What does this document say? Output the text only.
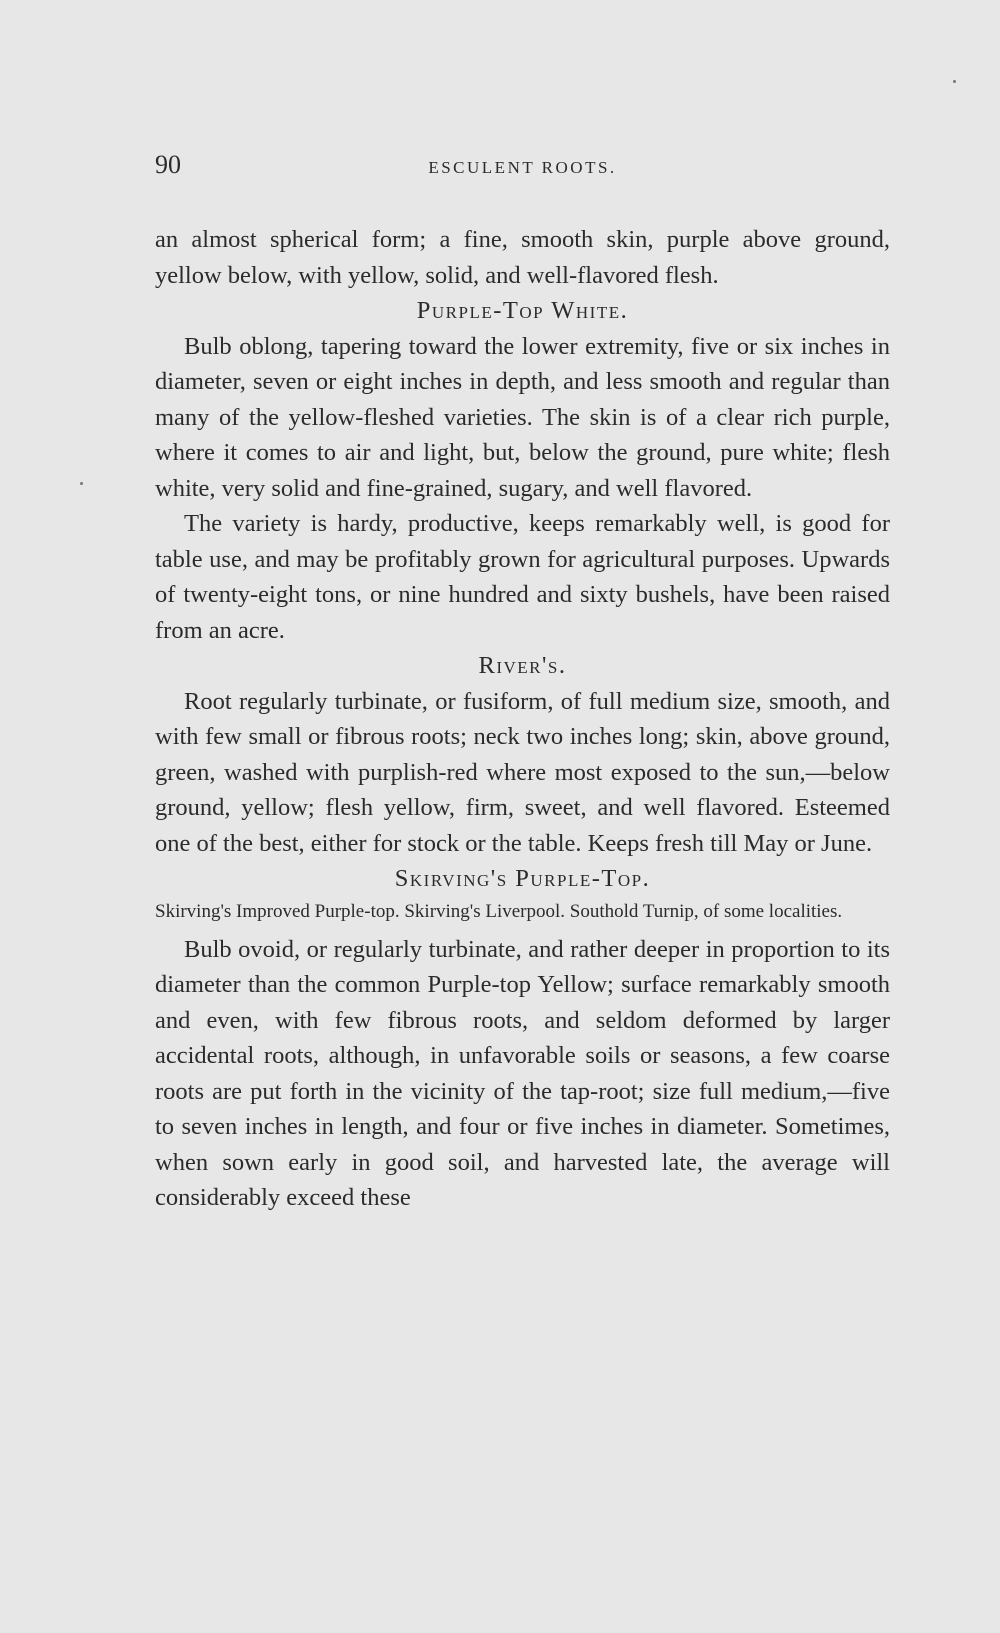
90	ESCULENT ROOTS.

an almost spherical form; a fine, smooth skin, purple above ground, yellow below, with yellow, solid, and well-flavored flesh.

Purple-Top White.

Bulb oblong, tapering toward the lower extremity, five or six inches in diameter, seven or eight inches in depth, and less smooth and regular than many of the yellow-fleshed varieties. The skin is of a clear rich purple, where it comes to air and light, but, below the ground, pure white; flesh white, very solid and fine-grained, sugary, and well flavored.

The variety is hardy, productive, keeps remarkably well, is good for table use, and may be profitably grown for agricultural purposes. Upwards of twenty-eight tons, or nine hundred and sixty bushels, have been raised from an acre.

River's.

Root regularly turbinate, or fusiform, of full medium size, smooth, and with few small or fibrous roots; neck two inches long; skin, above ground, green, washed with purplish-red where most exposed to the sun,—below ground, yellow; flesh yellow, firm, sweet, and well flavored. Esteemed one of the best, either for stock or the table. Keeps fresh till May or June.

Skirving's Purple-Top.

Skirving's Improved Purple-top. Skirving's Liverpool. Southold Turnip, of some localities.

Bulb ovoid, or regularly turbinate, and rather deeper in proportion to its diameter than the common Purple-top Yellow; surface remarkably smooth and even, with few fibrous roots, and seldom deformed by larger accidental roots, although, in unfavorable soils or seasons, a few coarse roots are put forth in the vicinity of the tap-root; size full medium,—five to seven inches in length, and four or five inches in diameter. Sometimes, when sown early in good soil, and harvested late, the average will considerably exceed these
